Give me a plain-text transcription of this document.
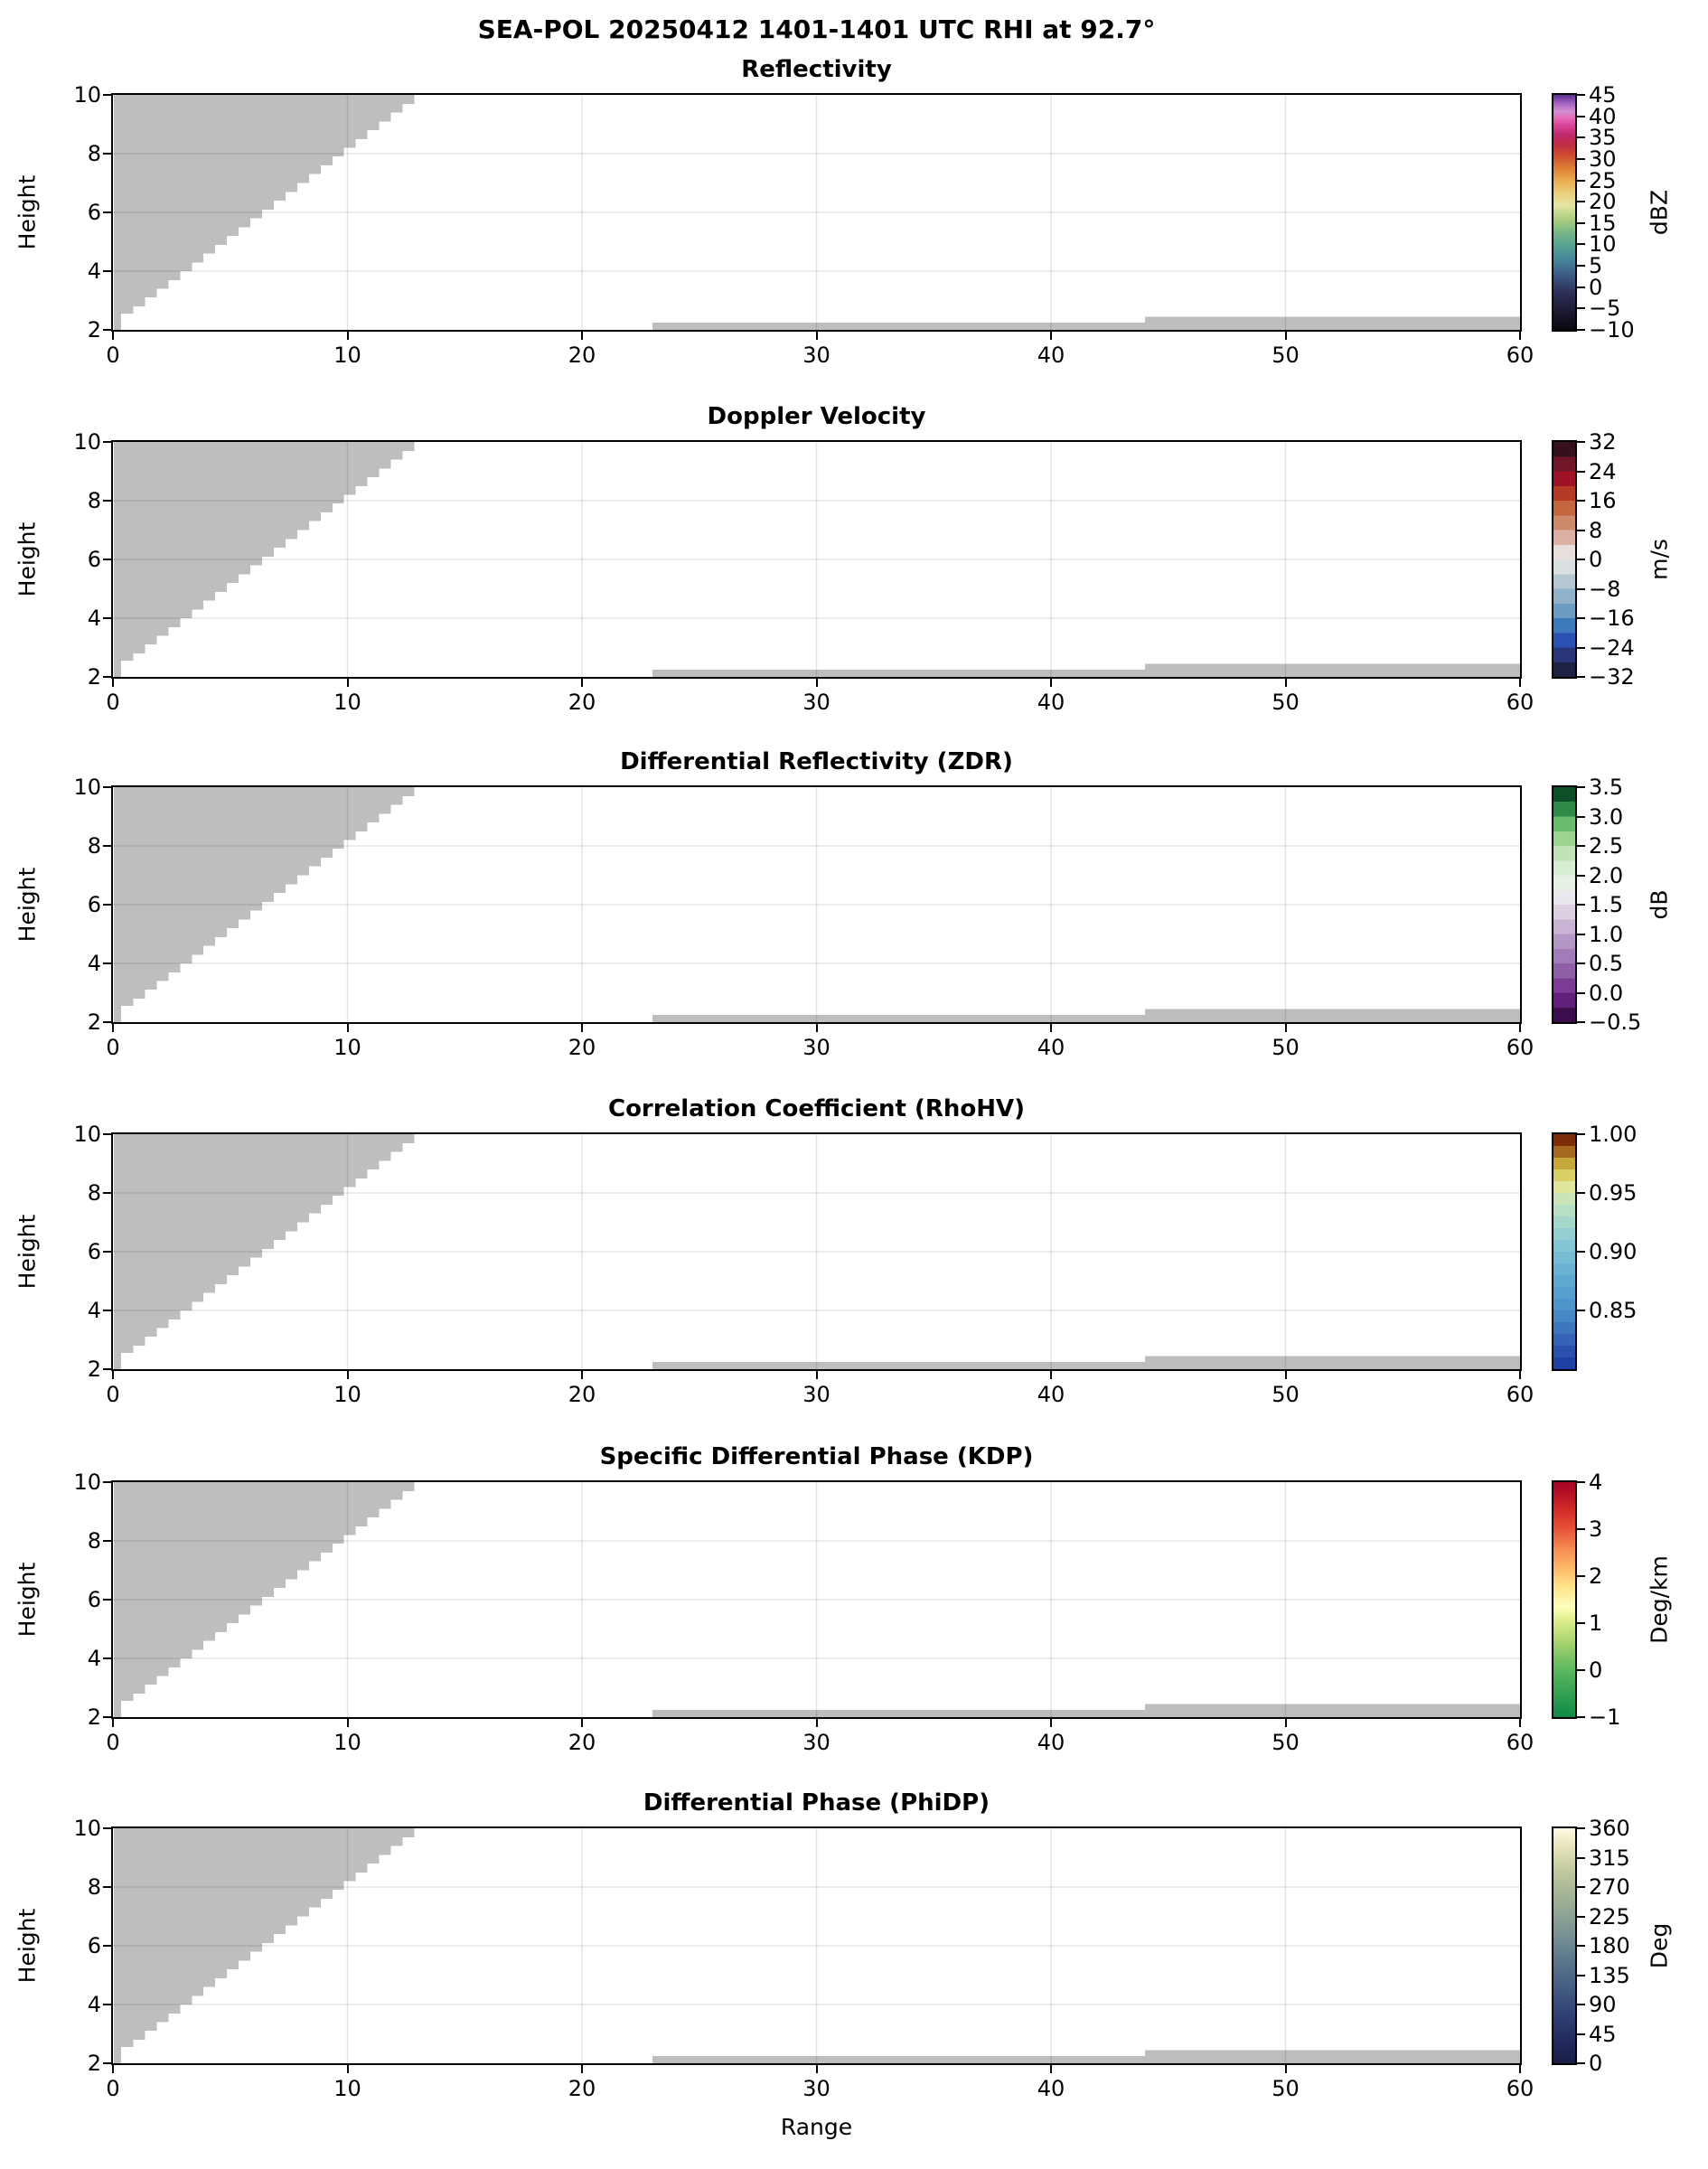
SEA-POL 20250412 1401-1401 UTC RHI at 92.7°
Range
Reflectivity
Height	dBZ
0	10	20	30	40	50	60
2
4
6
8
10	45
40
35
30
25
20
15
10
5
0
−5
−10
Doppler Velocity
Height	m/s
0	10	20	30	40	50	60
2
4
6
8
10	32
24
16
8
0
−8
−16
−24
−32
Differential Reflectivity (ZDR)
Height	dB
0	10	20	30	40	50	60
2
4
6
8
10	3.5
3.0
2.5
2.0
1.5
1.0
0.5
0.0
−0.5
Correlation Coefficient (RhoHV)
Height
0	10	20	30	40	50	60
2
4
6
8
10	1.00
0.95
0.90
0.85
Specific Differential Phase (KDP)
Height	Deg/km
0	10	20	30	40	50	60
2
4
6
8
10	4
3
2
1
0
−1
Differential Phase (PhiDP)
Height	Deg
0	10	20	30	40	50	60
2
4
6
8
10	360
315
270
225
180
135
90
45
0
